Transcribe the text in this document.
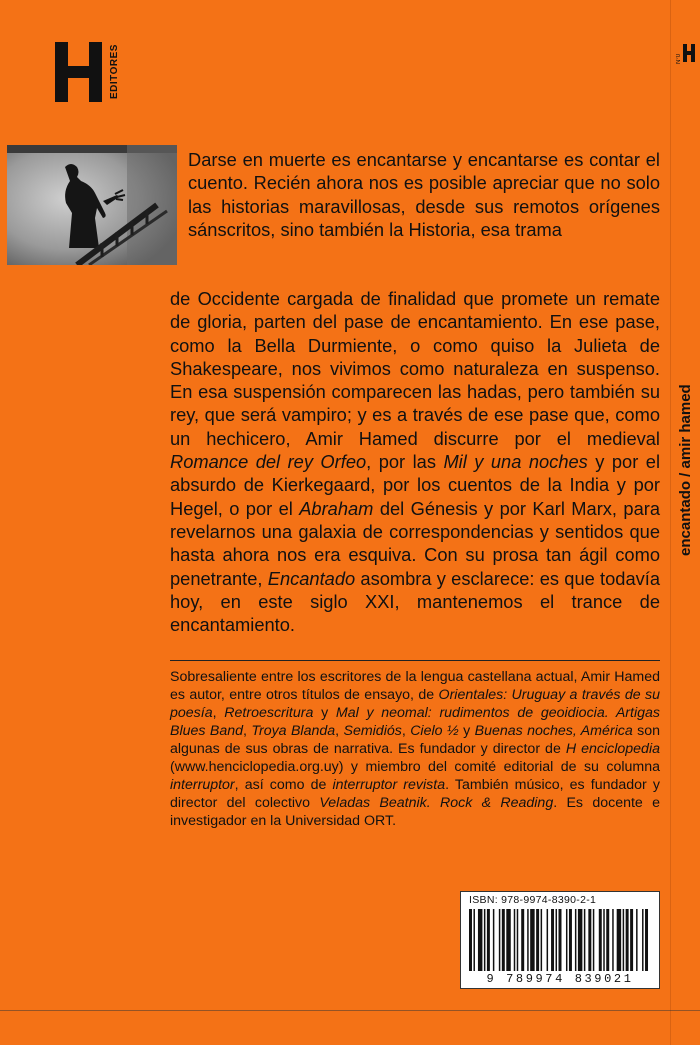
EDITORES	N°0
encantado / amir hamed

Darse en muerte es encantarse y encantarse es contar el cuento. Recién ahora nos es posible apreciar que no solo las historias maravillosas, desde sus remotos orígenes sánscritos, sino también la Historia, esa trama

de Occidente cargada de finalidad que promete un remate de gloria, parten del pase de encantamiento. En ese pase, como la Bella Durmiente, o como quiso la Julieta de Shakespeare, nos vivimos como naturaleza en suspenso. En esa suspensión comparecen las hadas, pero también su rey, que será vampiro; y es a través de ese pase que, como un hechicero, Amir Hamed discurre por el medieval Romance del rey Orfeo, por las Mil y una noches y por el absurdo de Kierkegaard, por los cuentos de la India y por Hegel, o por el Abraham del Génesis y por Karl Marx, para revelarnos una galaxia de correspondencias y sentidos que hasta ahora nos era esquiva. Con su prosa tan ágil como penetrante, Encantado asombra y esclarece: es que todavía hoy, en este siglo XXI, mantenemos el trance de encantamiento.

Sobresaliente entre los escritores de la lengua castellana actual, Amir Hamed es autor, entre otros títulos de ensayo, de Orientales: Uruguay a través de su poesía, Retroescritura y Mal y neomal: rudimentos de geoidiocia. Artigas Blues Band, Troya Blanda, Semidiós, Cielo ½ y Buenas noches, América son algunas de sus obras de narrativa. Es fundador y director de H enciclopedia (www.henciclopedia.org.uy) y miembro del comité editorial de su columna interruptor, así como de interruptor revista. También músico, es fundador y director del colectivo Veladas Beatnik. Rock & Reading. Es docente e investigador en la Universidad ORT.

ISBN: 978-9974-8390-2-1
9 789974 839021
